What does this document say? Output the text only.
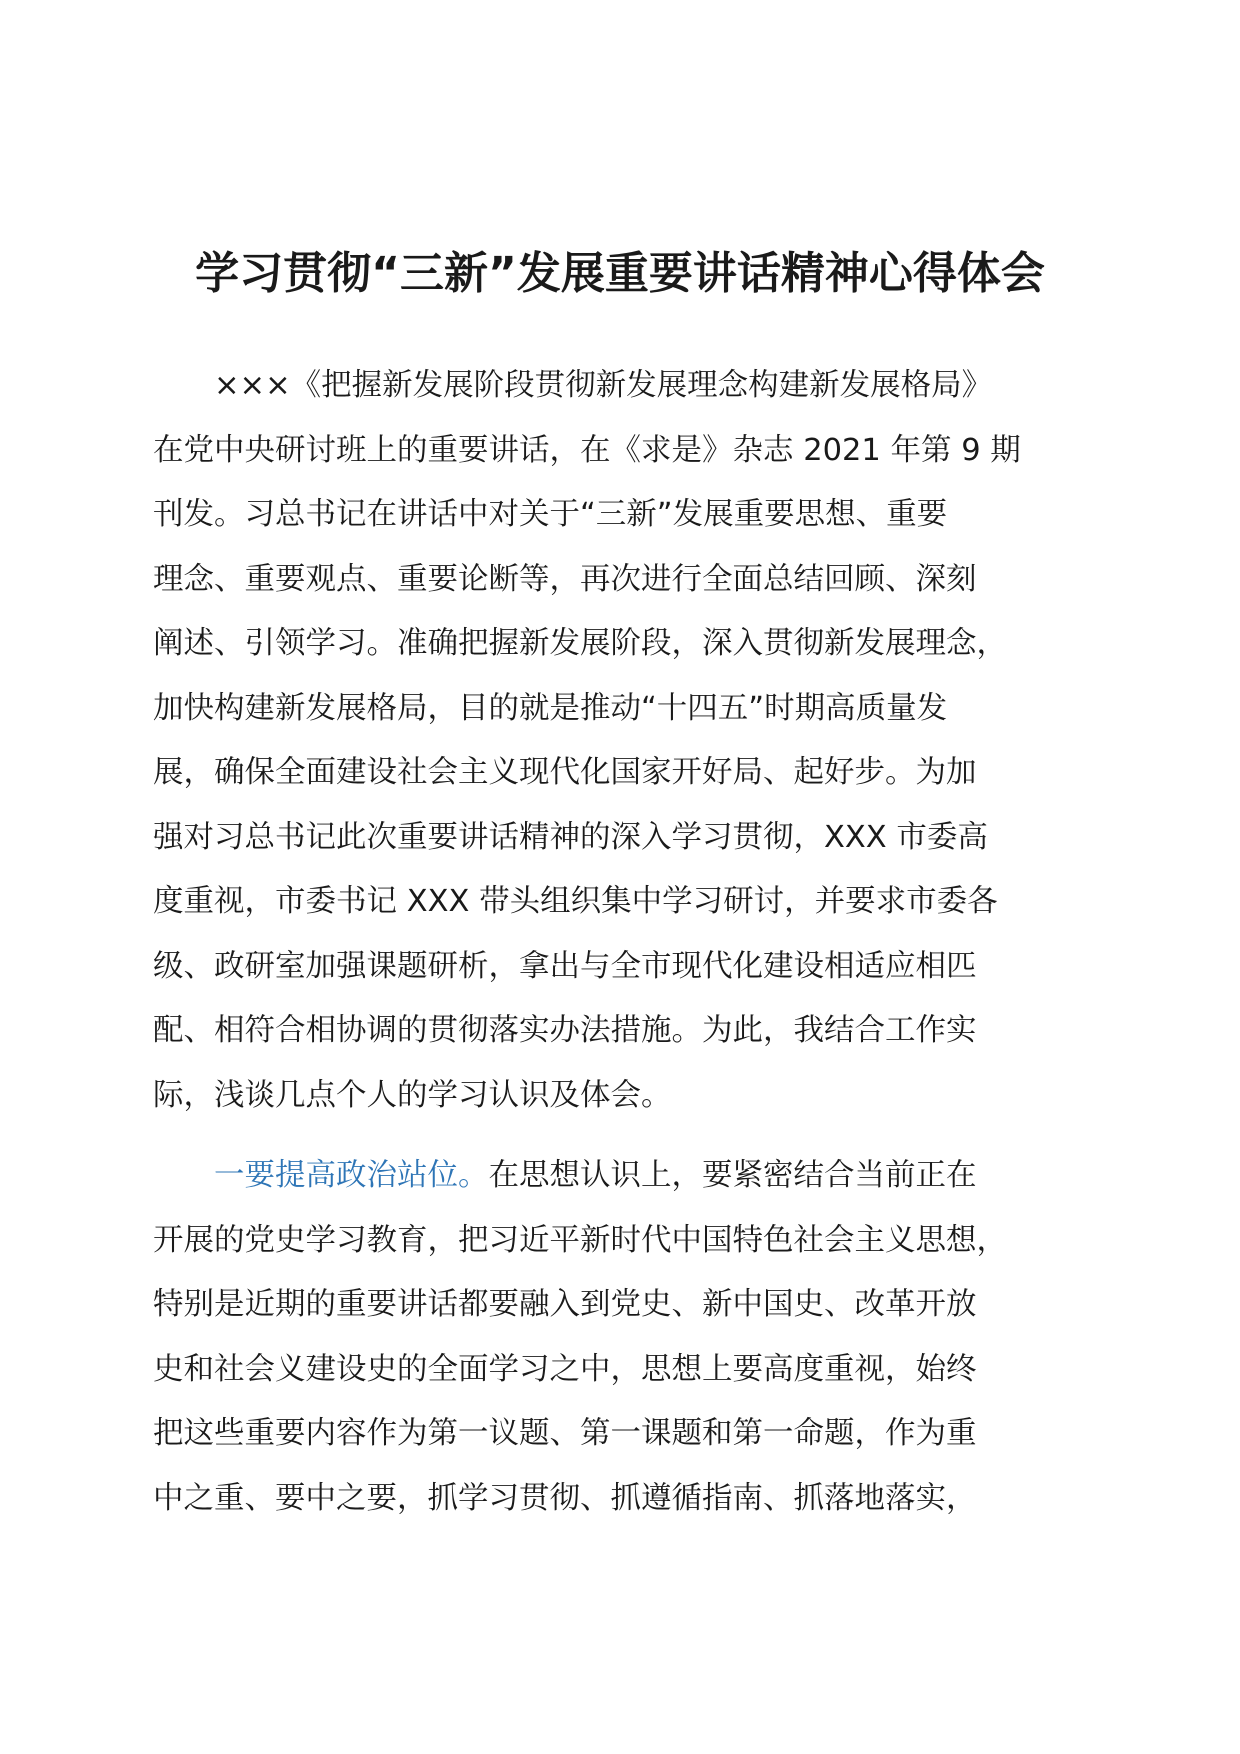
学习贯彻“三新”发展重要讲话精神心得体会
　　×××《把握新发展阶段贯彻新发展理念构建新发展格局》
在党中央研讨班上的重要讲话，在《求是》杂志 2021 年第 9 期
刊发。习总书记在讲话中对关于“三新”发展重要思想、重要
理念、重要观点、重要论断等，再次进行全面总结回顾、深刻
阐述、引领学习。准确把握新发展阶段，深入贯彻新发展理念，
加快构建新发展格局，目的就是推动“十四五”时期高质量发
展，确保全面建设社会主义现代化国家开好局、起好步。为加
强对习总书记此次重要讲话精神的深入学习贯彻，XXX 市委高
度重视，市委书记 XXX 带头组织集中学习研讨，并要求市委各
级、政研室加强课题研析，拿出与全市现代化建设相适应相匹
配、相符合相协调的贯彻落实办法措施。为此，我结合工作实
际，浅谈几点个人的学习认识及体会。
　　一要提高政治站位。在思想认识上，要紧密结合当前正在
开展的党史学习教育，把习近平新时代中国特色社会主义思想，
特别是近期的重要讲话都要融入到党史、新中国史、改革开放
史和社会义建设史的全面学习之中，思想上要高度重视，始终
把这些重要内容作为第一议题、第一课题和第一命题，作为重
中之重、要中之要，抓学习贯彻、抓遵循指南、抓落地落实，
